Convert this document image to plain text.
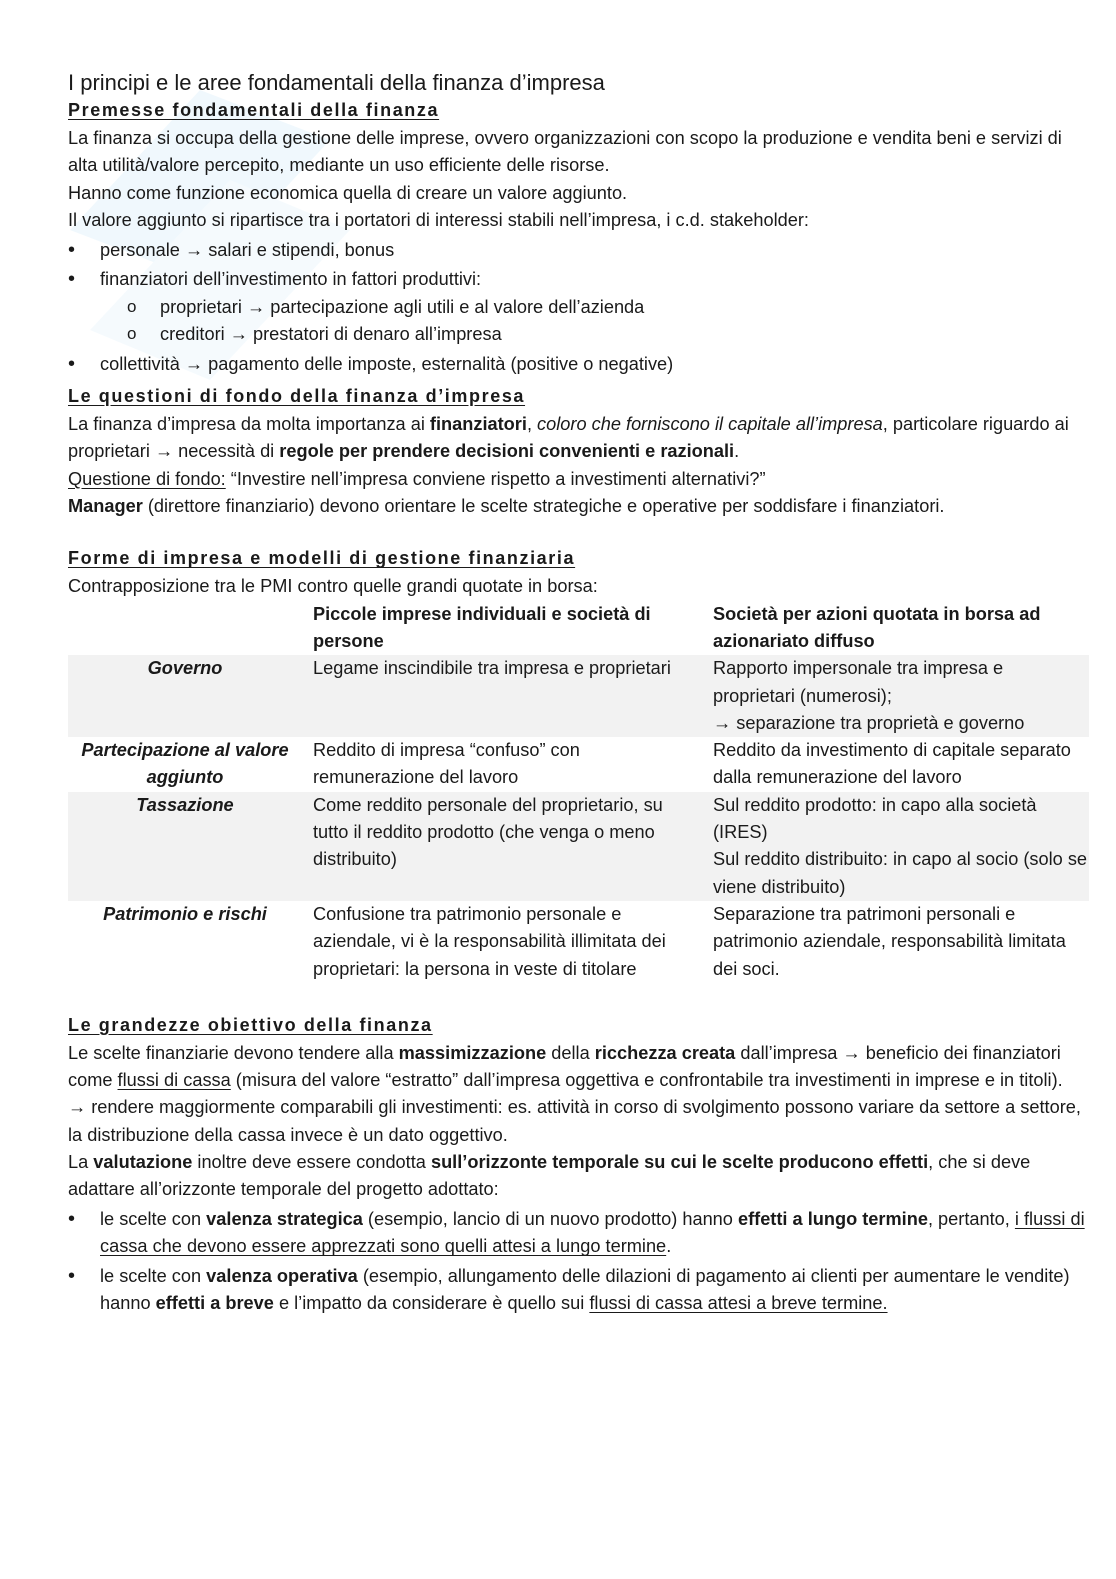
I principi e le aree fondamentali della finanza d’impresa
Premesse fondamentali della finanza

La finanza si occupa della gestione delle imprese, ovvero organizzazioni con scopo la produzione e vendita beni e servizi di alta utilità/valore percepito, mediante un uso efficiente delle risorse.

Hanno come funzione economica quella di creare un valore aggiunto.

Il valore aggiunto si ripartisce tra i portatori di interessi stabili nell’impresa, i c.d. stakeholder:

• personale → salari e stipendi, bonus
• finanziatori dell’investimento in fattori produttivi:
o proprietari → partecipazione agli utili e al valore dell’azienda
o creditori → prestatori di denaro all’impresa
• collettività → pagamento delle imposte, esternalità (positive o negative)
Le questioni di fondo della finanza d’impresa

La finanza d’impresa da molta importanza ai finanziatori, coloro che forniscono il capitale all’impresa, particolare riguardo ai proprietari → necessità di regole per prendere decisioni convenienti e razionali.

Questione di fondo: “Investire nell’impresa conviene rispetto a investimenti alternativi?”

Manager (direttore finanziario) devono orientare le scelte strategiche e operative per soddisfare i finanziatori.

Forme di impresa e modelli di gestione finanziaria

Contrapposizione tra le PMI contro quelle grandi quotate in borsa:

	Piccole imprese individuali e società di persone	Società per azioni quotata in borsa ad azionariato diffuso
Governo	Legame inscindibile tra impresa e proprietari	Rapporto impersonale tra impresa e proprietari (numerosi);
→ separazione tra proprietà e governo
Partecipazione al valore aggiunto	Reddito di impresa “confuso” con remunerazione del lavoro	Reddito da investimento di capitale separato dalla remunerazione del lavoro
Tassazione	Come reddito personale del proprietario, su tutto il reddito prodotto (che venga o meno distribuito)	Sul reddito prodotto: in capo alla società (IRES)
Sul reddito distribuito: in capo al socio (solo se viene distribuito)
Patrimonio e rischi	Confusione tra patrimonio personale e aziendale, vi è la responsabilità illimitata dei proprietari: la persona in veste di titolare	Separazione tra patrimoni personali e patrimonio aziendale, responsabilità limitata dei soci.
Le grandezze obiettivo della finanza

Le scelte finanziarie devono tendere alla massimizzazione della ricchezza creata dall’impresa → beneficio dei finanziatori come flussi di cassa (misura del valore “estratto” dall’impresa oggettiva e confrontabile tra investimenti in imprese e in titoli).

→ rendere maggiormente comparabili gli investimenti: es. attività in corso di svolgimento possono variare da settore a settore, la distribuzione della cassa invece è un dato oggettivo.

La valutazione inoltre deve essere condotta sull’orizzonte temporale su cui le scelte producono effetti, che si deve adattare all’orizzonte temporale del progetto adottato:

• le scelte con valenza strategica (esempio, lancio di un nuovo prodotto) hanno effetti a lungo termine, pertanto, i flussi di cassa che devono essere apprezzati sono quelli attesi a lungo termine.
• le scelte con valenza operativa (esempio, allungamento delle dilazioni di pagamento ai clienti per aumentare le vendite) hanno effetti a breve e l’impatto da considerare è quello sui flussi di cassa attesi a breve termine.
